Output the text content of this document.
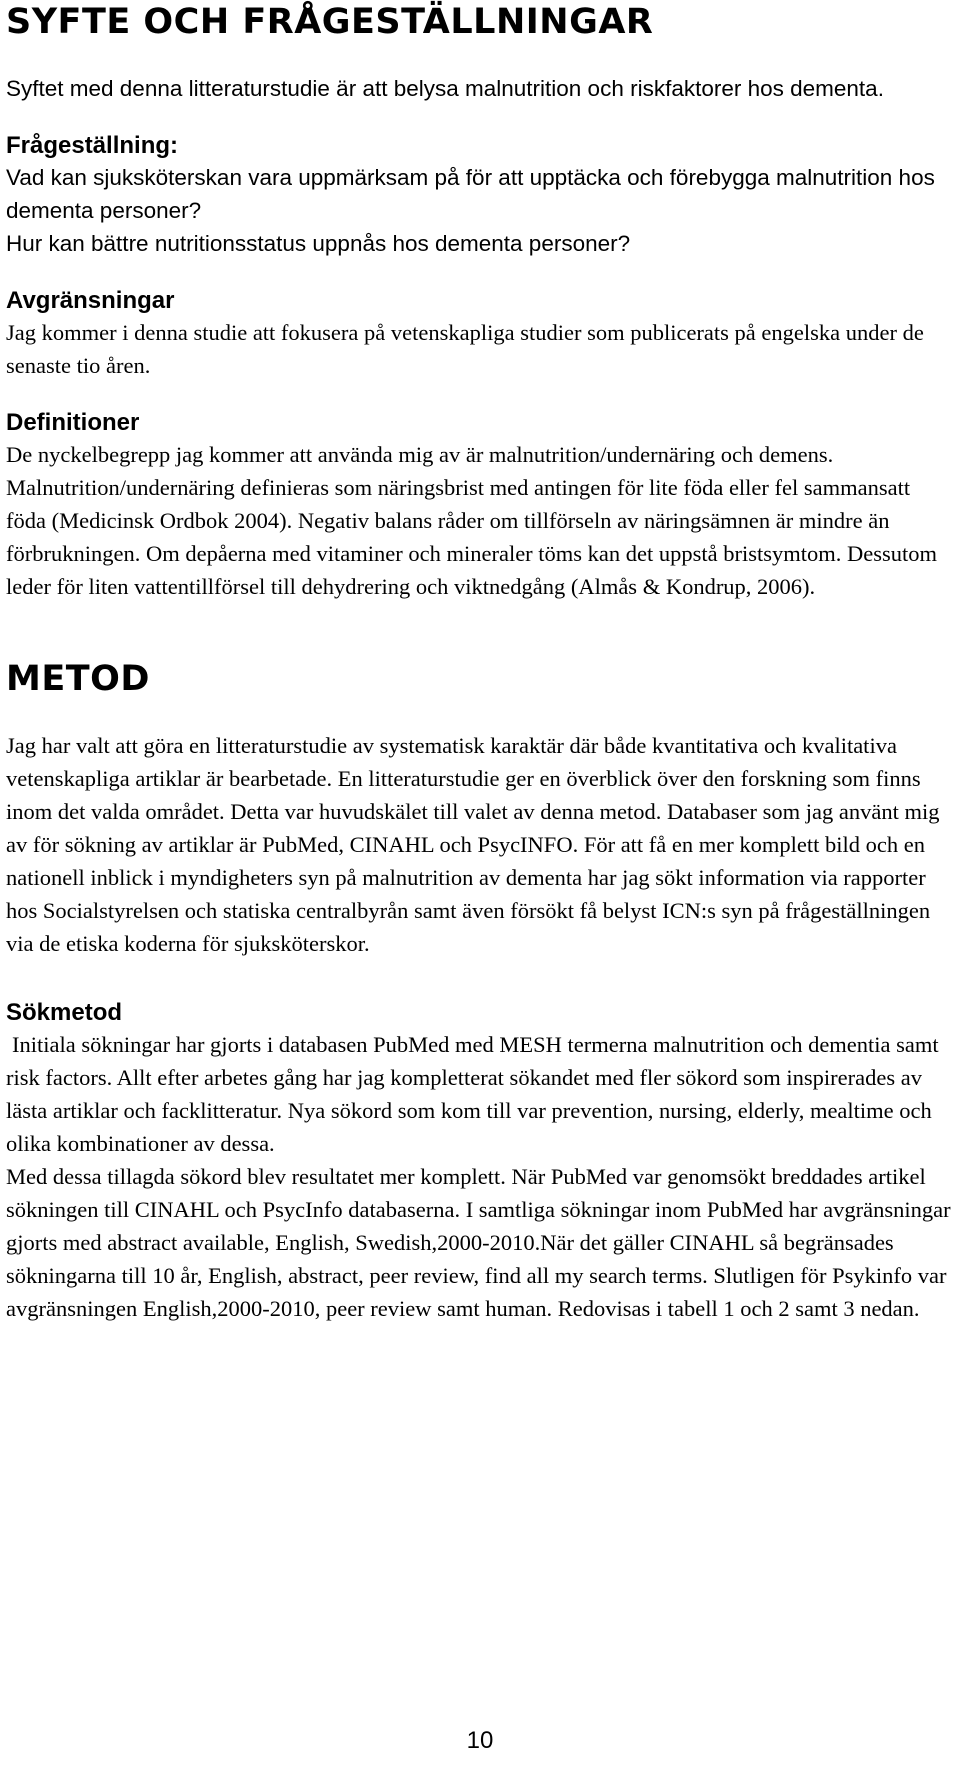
SYFTE OCH FRÅGESTÄLLNINGAR

Syftet med denna litteraturstudie är att belysa malnutrition och riskfaktorer hos dementa.

Frågeställning:

Vad kan sjuksköterskan vara uppmärksam på för att upptäcka och förebygga malnutrition hos dementa personer?

Hur kan bättre nutritionsstatus uppnås hos dementa personer?

Avgränsningar

Jag kommer i denna studie att fokusera på vetenskapliga studier som publicerats på engelska under de senaste tio åren.

Definitioner

De nyckelbegrepp jag kommer att använda mig av är malnutrition/undernäring och demens.

Malnutrition/undernäring definieras som näringsbrist med antingen för lite föda eller fel sammansatt föda (Medicinsk Ordbok 2004). Negativ balans råder om tillförseln av näringsämnen är mindre än förbrukningen. Om depåerna med vitaminer och mineraler töms kan det uppstå bristsymtom. Dessutom leder för liten vattentillförsel till dehydrering och viktnedgång (Almås & Kondrup, 2006).

METOD

Jag har valt att göra en litteraturstudie av systematisk karaktär där både kvantitativa och kvalitativa vetenskapliga artiklar är bearbetade. En litteraturstudie ger en överblick över den forskning som finns inom det valda området. Detta var huvudskälet till valet av denna metod. Databaser som jag använt mig av för sökning av artiklar är PubMed, CINAHL och PsycINFO. För att få en mer komplett bild och en nationell inblick i myndigheters syn på malnutrition av dementa har jag sökt information via rapporter hos Socialstyrelsen och statiska centralbyrån samt även försökt få belyst ICN:s syn på frågeställningen via de etiska koderna för sjuksköterskor.

Sökmetod

Initiala sökningar har gjorts i databasen PubMed med MESH termerna malnutrition och dementia samt risk factors. Allt efter arbetes gång har jag kompletterat sökandet med fler sökord som inspirerades av lästa artiklar och facklitteratur. Nya sökord som kom till var prevention, nursing, elderly, mealtime och olika kombinationer av dessa.

Med dessa tillagda sökord blev resultatet mer komplett. När PubMed var genomsökt breddades artikel sökningen till CINAHL och PsycInfo databaserna. I samtliga sökningar inom PubMed har avgränsningar gjorts med abstract available, English, Swedish,2000-2010.När det gäller CINAHL så begränsades sökningarna till 10 år, English, abstract, peer review, find all my search terms. Slutligen för Psykinfo var avgränsningen English,2000-2010, peer review samt human. Redovisas i tabell 1 och 2 samt 3 nedan.

10
